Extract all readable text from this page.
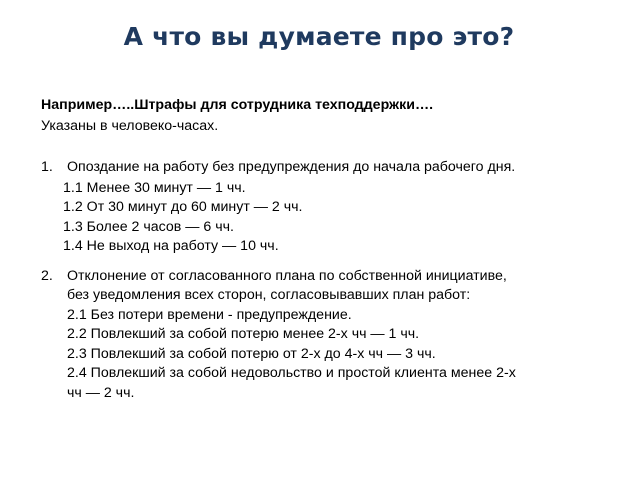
А что вы думаете про это?
Например…..Штрафы для сотрудника техподдержки….
Указаны в человеко-часах.
1. Опоздание на работу без предупреждения до начала рабочего дня.
1.1 Менее 30 минут — 1 чч.
1.2 От 30 минут до 60 минут — 2 чч.
1.3 Более 2 часов — 6 чч.
1.4 Не выход на работу — 10 чч.
2. Отклонение от согласованного плана по собственной инициативе,
без уведомления всех сторон, согласовывавших план работ:
2.1 Без потери времени - предупреждение.
2.2 Повлекший за собой потерю менее 2-х чч — 1 чч.
2.3 Повлекший за собой потерю от 2-х до 4-х чч — 3 чч.
2.4 Повлекший за собой недовольство и простой клиента менее 2-х
чч — 2 чч.
